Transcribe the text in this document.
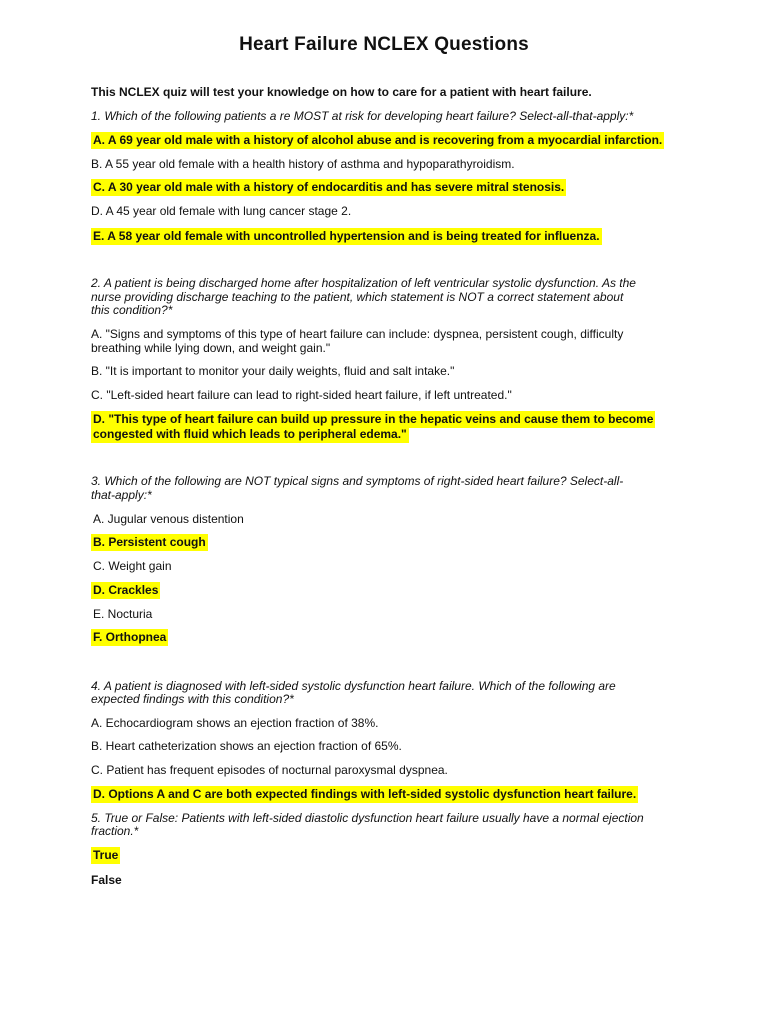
Heart Failure NCLEX Questions
This NCLEX quiz will test your knowledge on how to care for a patient with heart failure.
1. Which of the following patients a re MOST at risk for developing heart failure? Select-all-that-apply:*
A. A 69 year old male with a history of alcohol abuse and is recovering from a myocardial infarction.
B. A 55 year old female with a health history of asthma and hypoparathyroidism.
C. A 30 year old male with a history of endocarditis and has severe mitral stenosis.
D. A 45 year old female with lung cancer stage 2.
E. A 58 year old female with uncontrolled hypertension and is being treated for influenza.
2. A patient is being discharged home after hospitalization of left ventricular systolic dysfunction. As the
nurse providing discharge teaching to the patient, which statement is NOT a correct statement about
this condition?*
A. "Signs and symptoms of this type of heart failure can include: dyspnea, persistent cough, difficulty
breathing while lying down, and weight gain."
B. "It is important to monitor your daily weights, fluid and salt intake."
C. "Left-sided heart failure can lead to right-sided heart failure, if left untreated."
D. "This type of heart failure can build up pressure in the hepatic veins and cause them to become
congested with fluid which leads to peripheral edema."
3. Which of the following are NOT typical signs and symptoms of right-sided heart failure? Select-all-
that-apply:*
A. Jugular venous distention
B. Persistent cough
C. Weight gain
D. Crackles
E. Nocturia
F. Orthopnea
4. A patient is diagnosed with left-sided systolic dysfunction heart failure. Which of the following are
expected findings with this condition?*
A. Echocardiogram shows an ejection fraction of 38%.
B. Heart catheterization shows an ejection fraction of 65%.
C. Patient has frequent episodes of nocturnal paroxysmal dyspnea.
D. Options A and C are both expected findings with left-sided systolic dysfunction heart failure.
5. True or False: Patients with left-sided diastolic dysfunction heart failure usually have a normal ejection
fraction.*
True
False
